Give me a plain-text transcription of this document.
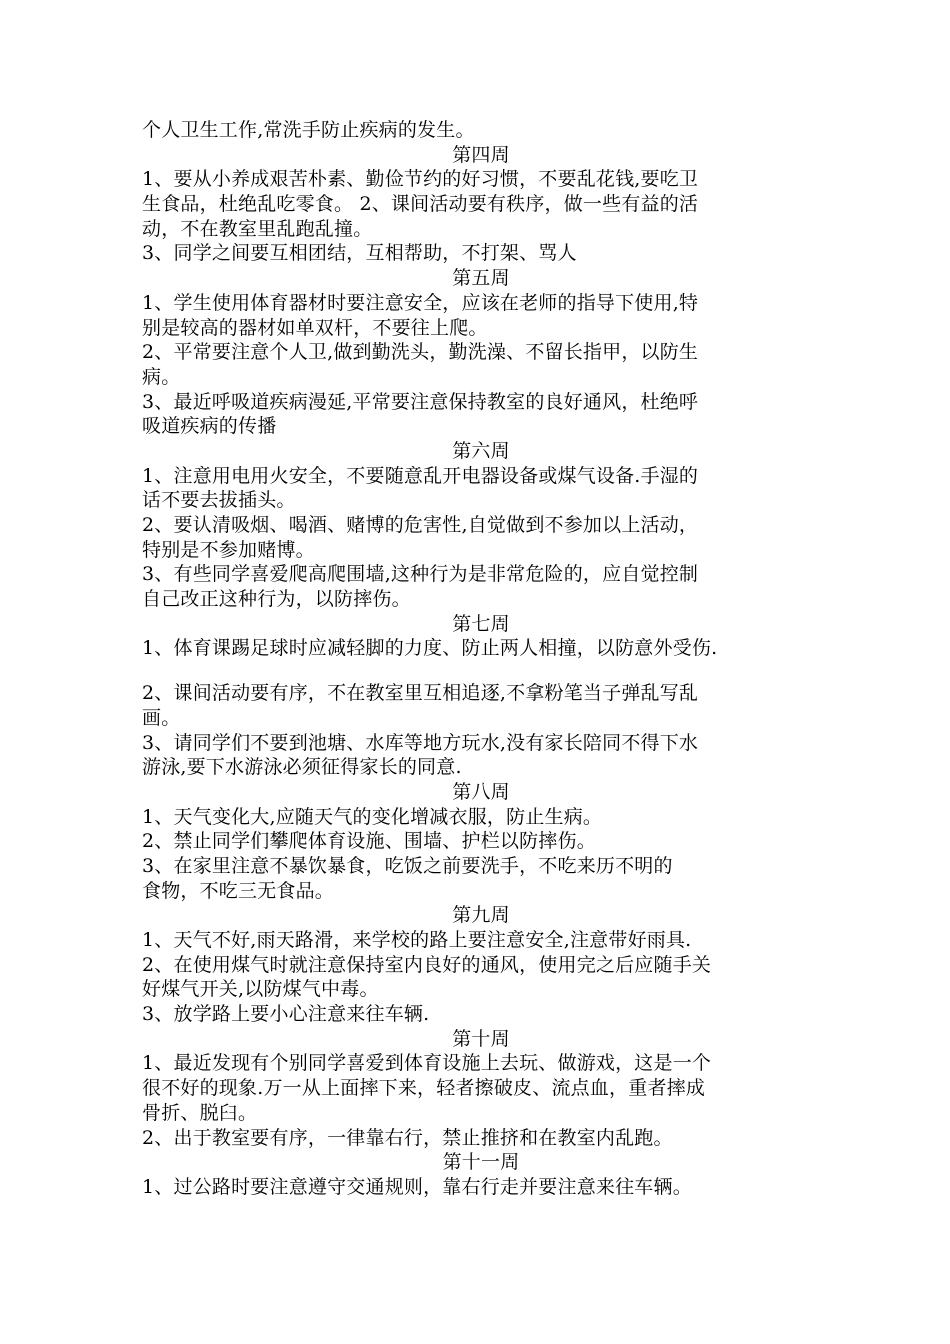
个人卫生工作,常洗手防止疾病的发生。
第四周
1、要从小养成艰苦朴素、勤俭节约的好习惯，不要乱花钱,要吃卫
生食品，杜绝乱吃零食。 2、课间活动要有秩序，做一些有益的活
动，不在教室里乱跑乱撞。
3、同学之间要互相团结，互相帮助，不打架、骂人
第五周
1、学生使用体育器材时要注意安全，应该在老师的指导下使用,特
别是较高的器材如单双杆，不要往上爬。
2、平常要注意个人卫,做到勤洗头，勤洗澡、不留长指甲，以防生
病。
3、最近呼吸道疾病漫延,平常要注意保持教室的良好通风，杜绝呼
吸道疾病的传播
第六周
1、注意用电用火安全，不要随意乱开电器设备或煤气设备.手湿的
话不要去拔插头。
2、要认清吸烟、喝酒、赌博的危害性,自觉做到不参加以上活动，
特别是不参加赌博。
3、有些同学喜爱爬高爬围墙,这种行为是非常危险的，应自觉控制
自己改正这种行为，以防摔伤。
第七周
1、体育课踢足球时应减轻脚的力度、防止两人相撞，以防意外受伤.
2、课间活动要有序，不在教室里互相追逐,不拿粉笔当子弹乱写乱
画。
3、请同学们不要到池塘、水库等地方玩水,没有家长陪同不得下水
游泳,要下水游泳必须征得家长的同意.
第八周
1、天气变化大,应随天气的变化增减衣服，防止生病。
2、禁止同学们攀爬体育设施、围墙、护栏以防摔伤。
3、在家里注意不暴饮暴食，吃饭之前要洗手，不吃来历不明的
食物，不吃三无食品。
第九周
1、天气不好,雨天路滑，来学校的路上要注意安全,注意带好雨具.
2、在使用煤气时就注意保持室内良好的通风，使用完之后应随手关
好煤气开关,以防煤气中毒。
3、放学路上要小心注意来往车辆.
第十周
1、最近发现有个别同学喜爱到体育设施上去玩、做游戏，这是一个
很不好的现象.万一从上面摔下来，轻者擦破皮、流点血，重者摔成
骨折、脱臼。
2、出于教室要有序，一律靠右行，禁止推挤和在教室内乱跑。
第十一周
1、过公路时要注意遵守交通规则，靠右行走并要注意来往车辆。
